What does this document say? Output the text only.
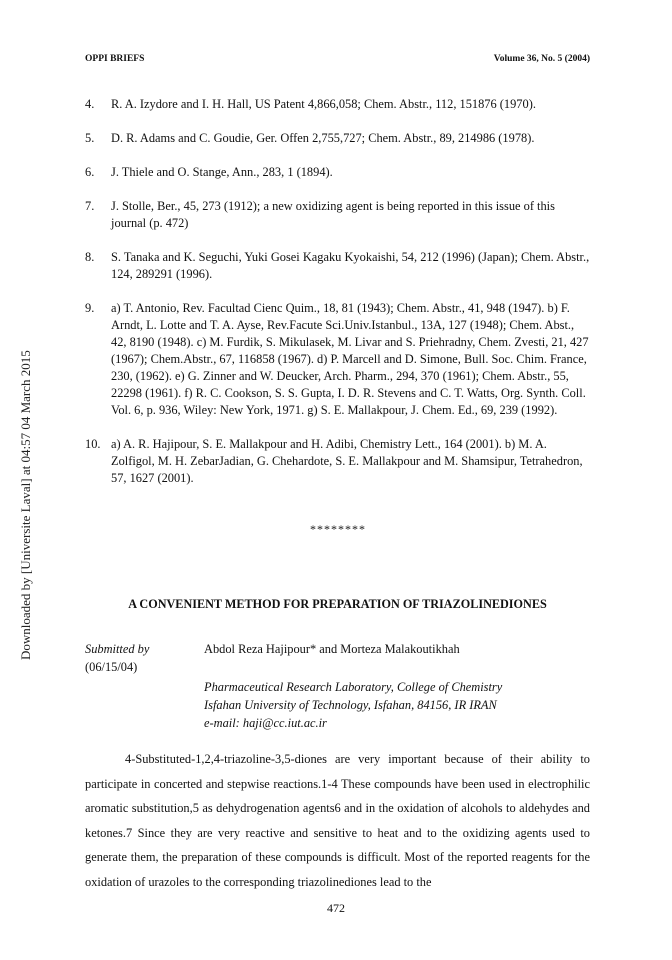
OPPI BRIEFS	Volume 36, No. 5 (2004)
Downloaded by [Universite Laval] at 04:57 04 March 2015
4. R. A. Izydore and I. H. Hall, US Patent 4,866,058; Chem. Abstr., 112, 151876 (1970).
5. D. R. Adams and C. Goudie, Ger. Offen 2,755,727; Chem. Abstr., 89, 214986 (1978).
6. J. Thiele and O. Stange, Ann., 283, 1 (1894).
7. J. Stolle, Ber., 45, 273 (1912); a new oxidizing agent is being reported in this issue of this journal (p. 472)
8. S. Tanaka and K. Seguchi, Yuki Gosei Kagaku Kyokaishi, 54, 212 (1996) (Japan); Chem. Abstr., 124, 289291 (1996).
9. a) T. Antonio, Rev. Facultad Cienc Quim., 18, 81 (1943); Chem. Abstr., 41, 948 (1947). b) F. Arndt, L. Lotte and T. A. Ayse, Rev.Facute Sci.Univ.Istanbul., 13A, 127 (1948); Chem. Abst., 42, 8190 (1948). c) M. Furdik, S. Mikulasek, M. Livar and S. Priehradny, Chem. Zvesti, 21, 427 (1967); Chem.Abstr., 67, 116858 (1967). d) P. Marcell and D. Simone, Bull. Soc. Chim. France, 230, (1962). e) G. Zinner and W. Deucker, Arch. Pharm., 294, 370 (1961); Chem. Abstr., 55, 22298 (1961). f) R. C. Cookson, S. S. Gupta, I. D. R. Stevens and C. T. Watts, Org. Synth. Coll. Vol. 6, p. 936, Wiley: New York, 1971. g) S. E. Mallakpour, J. Chem. Ed., 69, 239 (1992).
10. a) A. R. Hajipour, S. E. Mallakpour and H. Adibi, Chemistry Lett., 164 (2001). b) M. A. Zolfigol, M. H. ZebarJadian, G. Chehardote, S. E. Mallakpour and M. Shamsipur, Tetrahedron, 57, 1627 (2001).
********
A CONVENIENT METHOD FOR PREPARATION OF TRIAZOLINEDIONES
Submitted by
(06/15/04)
Abdol Reza Hajipour* and Morteza Malakoutikhah
Pharmaceutical Research Laboratory, College of Chemistry
Isfahan University of Technology, Isfahan, 84156, IR IRAN
e-mail: haji@cc.iut.ac.ir

4-Substituted-1,2,4-triazoline-3,5-diones are very important because of their ability to participate in concerted and stepwise reactions.1-4 These compounds have been used in electrophilic aromatic substitution,5 as dehydrogenation agents6 and in the oxidation of alcohols to aldehydes and ketones.7 Since they are very reactive and sensitive to heat and to the oxidizing agents used to generate them, the preparation of these compounds is difficult. Most of the reported reagents for the oxidation of urazoles to the corresponding triazolinediones lead to the

472
